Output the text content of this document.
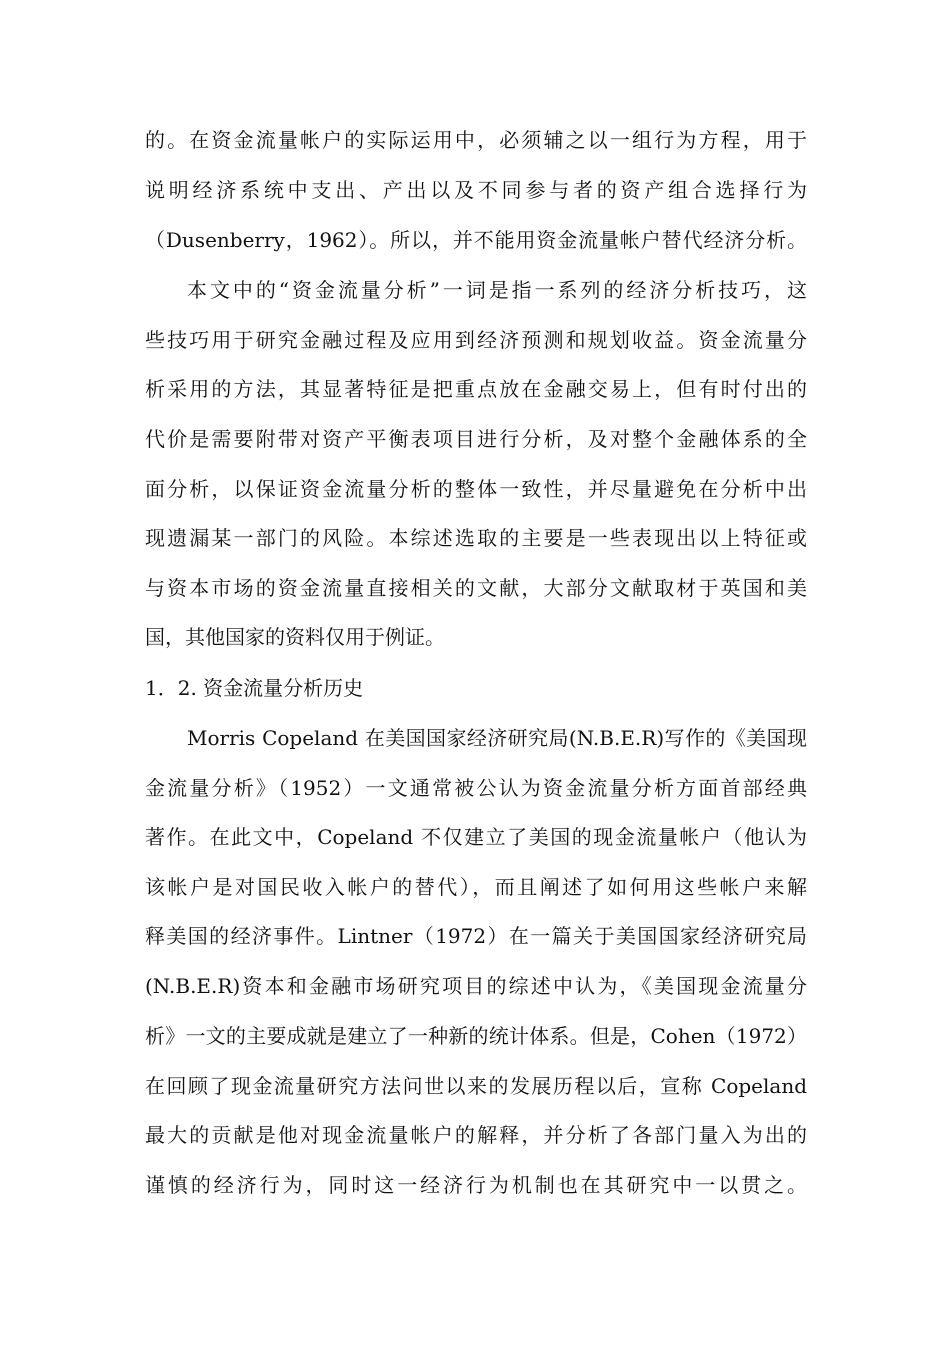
的。在资金流量帐户的实际运用中，必须辅之以一组行为方程，用于
说明经济系统中支出、产出以及不同参与者的资产组合选择行为
（Dusenberry，1962）。所以，并不能用资金流量帐户替代经济分析。
本文中的“资金流量分析”一词是指一系列的经济分析技巧，这
些技巧用于研究金融过程及应用到经济预测和规划收益。资金流量分
析采用的方法，其显著特征是把重点放在金融交易上，但有时付出的
代价是需要附带对资产平衡表项目进行分析，及对整个金融体系的全
面分析，以保证资金流量分析的整体一致性，并尽量避免在分析中出
现遗漏某一部门的风险。本综述选取的主要是一些表现出以上特征或
与资本市场的资金流量直接相关的文献，大部分文献取材于英国和美
国，其他国家的资料仅用于例证。
1．2. 资金流量分析历史
Morris Copeland 在美国国家经济研究局(N.B.E.R)写作的《美国现
金流量分析》（1952）一文通常被公认为资金流量分析方面首部经典
著作。在此文中，Copeland 不仅建立了美国的现金流量帐户（他认为
该帐户是对国民收入帐户的替代），而且阐述了如何用这些帐户来解
释美国的经济事件。Lintner（1972）在一篇关于美国国家经济研究局
(N.B.E.R)资本和金融市场研究项目的综述中认为，《美国现金流量分
析》一文的主要成就是建立了一种新的统计体系。但是，Cohen（1972）
在回顾了现金流量研究方法问世以来的发展历程以后，宣称 Copeland
最大的贡献是他对现金流量帐户的解释，并分析了各部门量入为出的
谨慎的经济行为，同时这一经济行为机制也在其研究中一以贯之。
